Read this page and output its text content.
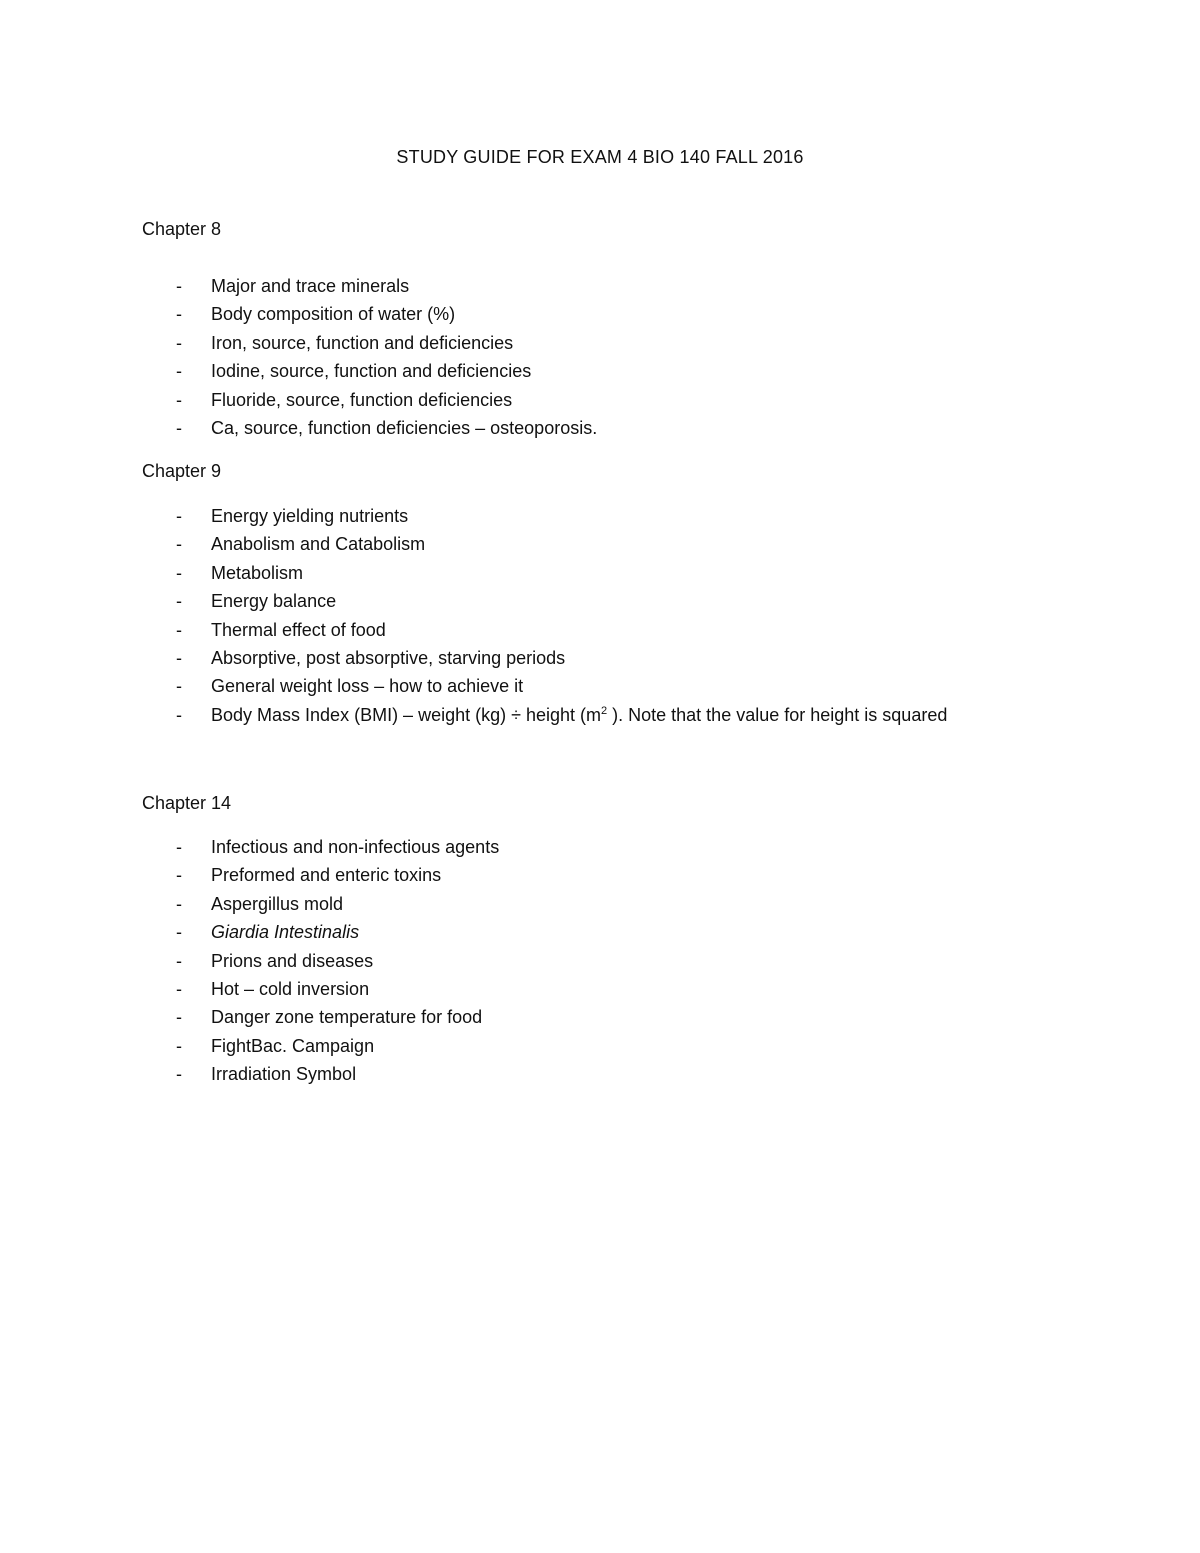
STUDY GUIDE FOR EXAM 4 BIO 140 FALL 2016
Chapter 8
- Major and trace minerals
- Body composition of water (%)
- Iron, source, function and deficiencies
- Iodine, source, function and deficiencies
- Fluoride, source, function deficiencies
- Ca, source, function deficiencies – osteoporosis.
Chapter 9
- Energy yielding nutrients
- Anabolism and Catabolism
- Metabolism
- Energy balance
- Thermal effect of food
- Absorptive, post absorptive, starving periods
- General weight loss – how to achieve it
- Body Mass Index (BMI) – weight (kg) ÷ height ($m^2$ ). Note that the value for height is squared
Chapter 14
- Infectious and non-infectious agents
- Preformed and enteric toxins
- Aspergillus mold
- Giardia Intestinalis
- Prions and diseases
- Hot – cold inversion
- Danger zone temperature for food
- FightBac. Campaign
- Irradiation Symbol
